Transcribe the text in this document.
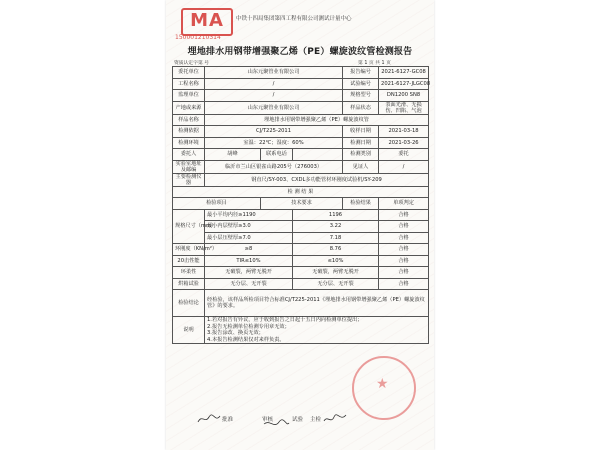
MA
150001210314
中铁十四局集团第四工程有限公司测试计量中心
埋地排水用钢带增强聚乙烯（PE）螺旋波纹管检测报告
资质认定字第 号	第 1 页 共 1 页
委托单位	山东元聚管业有限公司			报告编号	2021-6127-GC08
工程名称	/			试验编号	2021-6127-JLGC08
监理单位	/			规格型号	DN1200 SN8
产地或来源	山东元聚管业有限公司			样品状态	表面光滑、无损伤、凹陷、气泡
样品名称	埋地排水用钢带增强聚乙烯（PE）螺旋波纹管				
检测依据	CJ/T225-2011			收样日期	2021-03-18
检测环境	室温：22℃；湿度：60%			检测日期	2021-03-26
委托人	胡峰	联系电话		检测类别	委托
实验室地址及邮编	临沂市兰山区银雀山路205号（276003）			见证人	/
主要检测仪器	钢直尺/SY-003、CXDL多功能管材环刚度试验机/SY-209				
检 测 结 果					
检验项目		技术要求		检验结果	单项判定
规格尺寸（mm）	最小平均内径≥1190		1196		合格
	最小内层壁厚≥3.0		3.22		合格
	最小层压壁厚≥7.0		7.18		合格
环刚度（KN/m²）	≥8		8.76		合格
20击性能	TIR≤10%		≤10%		合格
环柔性	无破裂，两臂无脱开		无破裂，两臂无脱开		合格
烘箱试验	无分层、无开裂		无分层、无开裂		合格
检验结论	经检验，该样品所检项目符合标准CJ/T225-2011《埋地排水用钢带增强聚乙烯（PE）螺旋波纹管》的要求。				
说明	1.若对报告有异议，应于收到报告之日起十五日内向检测单位提出；
2.报告无检测单位检测专用章无效；
3.报告涂改、换页无效；
4.本报告检测结果仅对来样负责。				
批准	审核	试验 主检
★
